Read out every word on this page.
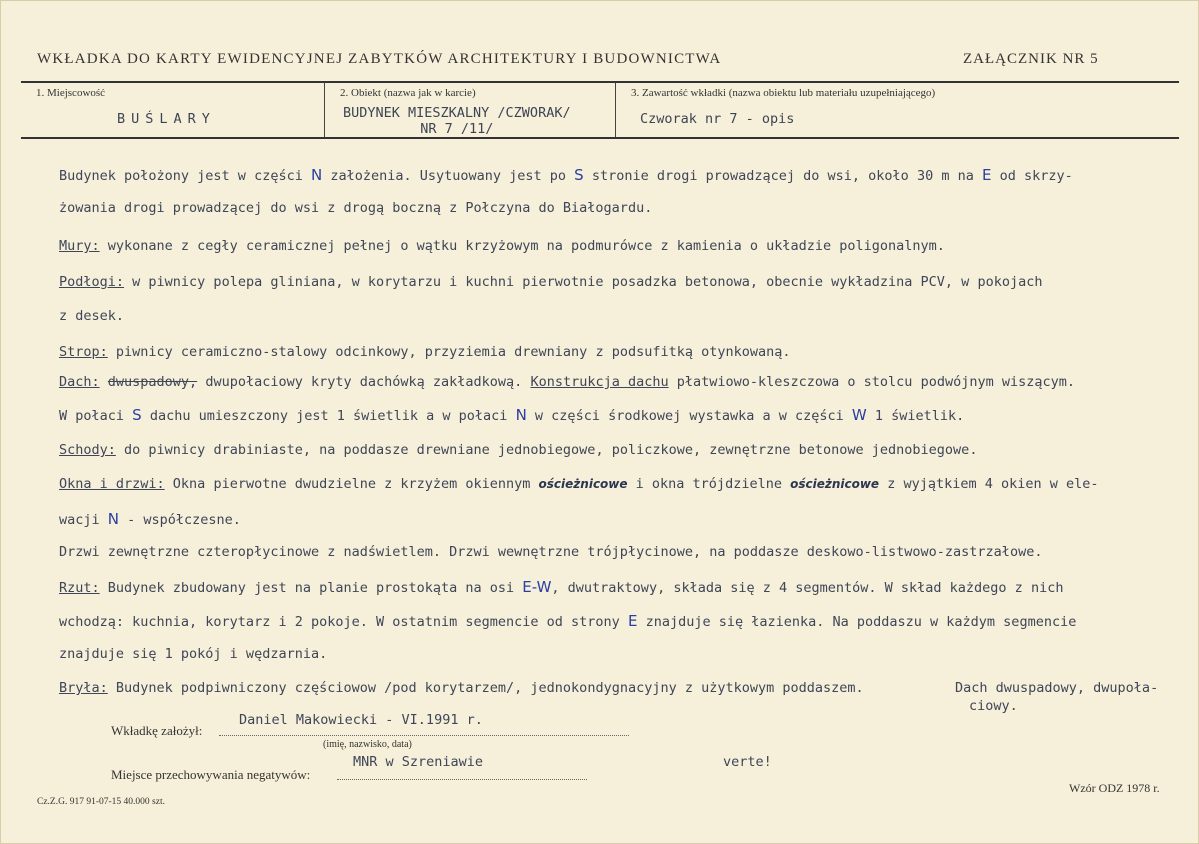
WKŁADKA DO KARTY EWIDENCYJNEJ ZABYTKÓW ARCHITEKTURY I BUDOWNICTWA	ZAŁĄCZNIK NR 5
1. Miejscowość
BUŚLARY
2. Obiekt (nazwa jak w karcie)
BUDYNEK MIESZKALNY /CZWORAK/
NR 7 /11/
3. Zawartość wkładki (nazwa obiektu lub materiału uzupełniającego)
Czworak nr 7 - opis
Budynek położony jest w części N założenia. Usytuowany jest po S stronie drogi prowadzącej do wsi, około 30 m na E od skrzy-
żowania drogi prowadzącej do wsi z drogą boczną z Połczyna do Białogardu.
Mury: wykonane z cegły ceramicznej pełnej o wątku krzyżowym na podmurówce z kamienia o układzie poligonalnym.
Podłogi: w piwnicy polepa gliniana, w korytarzu i kuchni pierwotnie posadzka betonowa, obecnie wykładzina PCV, w pokojach
z desek.
Strop: piwnicy ceramiczno-stalowy odcinkowy, przyziemia drewniany z podsufitką otynkowaną.
Dach: dwuspadowy, dwupołaciowy kryty dachówką zakładkową. Konstrukcja dachu płatwiowo-kleszczowa o stolcu podwójnym wiszącym.
W połaci S dachu umieszczony jest 1 świetlik a w połaci N w części środkowej wystawka a w części W 1 świetlik.
Schody: do piwnicy drabiniaste, na poddasze drewniane jednobiegowe, policzkowe, zewnętrzne betonowe jednobiegowe.
Okna i drzwi: Okna pierwotne dwudzielne z krzyżem okiennym ościeżnicowe i okna trójdzielne ościeżnicowe z wyjątkiem 4 okien w ele-
wacji N - współczesne.
Drzwi zewnętrzne czteropłycinowe z nadświetlem. Drzwi wewnętrzne trójpłycinowe, na poddasze deskowo-listwowo-zastrzałowe.
Rzut: Budynek zbudowany jest na planie prostokąta na osi E-W, dwutraktowy, składa się z 4 segmentów. W skład każdego z nich
wchodzą: kuchnia, korytarz i 2 pokoje. W ostatnim segmencie od strony E znajduje się łazienka. Na poddaszu w każdym segmencie
znajduje się 1 pokój i wędzarnia.
Bryła: Budynek podpiwniczony częściowow /pod korytarzem/, jednokondygnacyjny z użytkowym poddaszem.	Dach dwuspadowy, dwupoła-
ciowy.
Wkładkę założył:
Daniel Makowiecki - VI.1991 r.
(imię, nazwisko, data)
Miejsce przechowywania negatywów:
MNR w Szreniawie	verte!
Wzór ODZ 1978 r.
Cz.Z.G. 917 91-07-15 40.000 szt.
